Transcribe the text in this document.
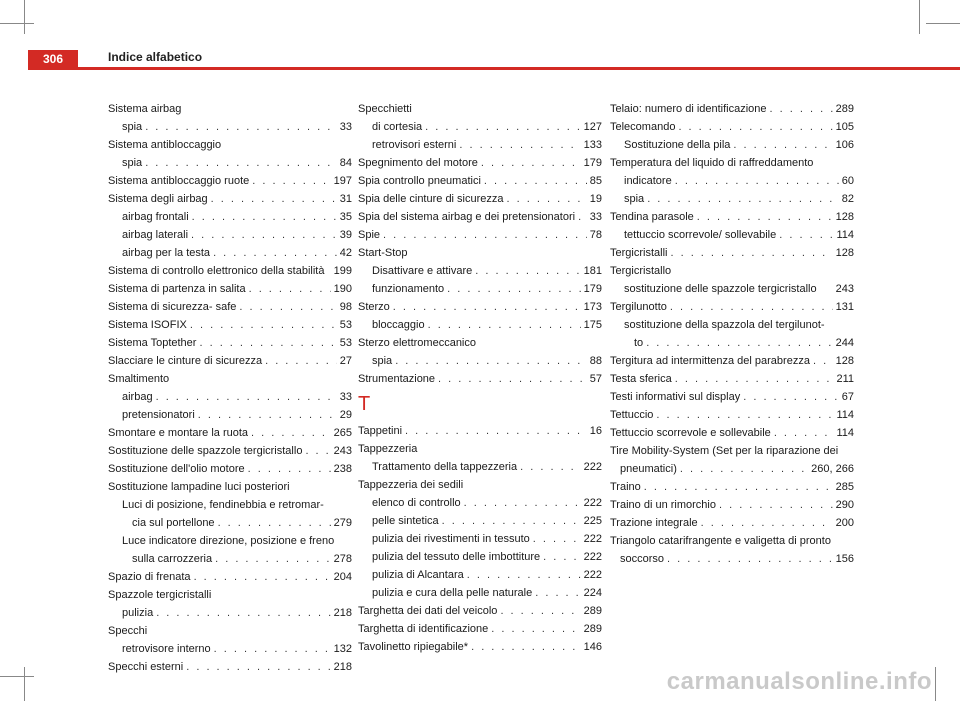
306	Indice alfabetico
Sistema airbag
spia . . .	33
Sistema antibloccaggio
spia . . .	84
Sistema antibloccaggio ruote . . .	197
Sistema degli airbag . . .	31
airbag frontali . . .	35
airbag laterali . . .	39
airbag per la testa . . .	42
Sistema di controllo elettronico della stabilità 199
Sistema di partenza in salita . . .	190
Sistema di sicurezza- safe . . .	98
Sistema ISOFIX . . .	53
Sistema Toptether . . .	53
Slacciare le cinture di sicurezza . . .	27
Smaltimento
airbag . . .	33
pretensionatori . . .	29
Smontare e montare la ruota . . .	265
Sostituzione delle spazzole tergicristallo . . .	243
Sostituzione dell'olio motore . . .	238
Sostituzione lampadine luci posteriori
Luci di posizione, fendinebbia e retromar-
cia sul portellone . . .	279
Luce indicatore direzione, posizione e freno
sulla carrozzeria . . .	278
Spazio di frenata . . .	204
Spazzole tergicristalli
pulizia . . .	218
Specchi
retrovisore interno . . .	132
Specchi esterni . . .	218
Specchietti
di cortesia . . .	127
retrovisori esterni . . .	133
Spegnimento del motore . . .	179
Spia controllo pneumatici . . .	85
Spia delle cinture di sicurezza . . .	19
Spia del sistema airbag e dei pretensionatori . . . 33
Spie . . .	78
Start-Stop
Disattivare e attivare . . .	181
funzionamento . . .	179
Sterzo . . .	173
bloccaggio . . .	175
Sterzo elettromeccanico
spia . . .	88
Strumentazione . . .	57
T
Tappetini . . .	16
Tappezzeria
Trattamento della tappezzeria . . .	222
Tappezzeria dei sedili
elenco di controllo . . .	222
pelle sintetica . . .	225
pulizia dei rivestimenti in tessuto . . .	222
pulizia del tessuto delle imbottiture . . .	222
pulizia di Alcantara . . .	222
pulizia e cura della pelle naturale . . .	224
Targhetta dei dati del veicolo . . .	289
Targhetta di identificazione . . .	289
Tavolinetto ripiegabile* . . .	146
Telaio: numero di identificazione . . .	289
Telecomando . . .	105
Sostituzione della pila . . .	106
Temperatura del liquido di raffreddamento
indicatore . . .	60
spia . . .	82
Tendina parasole . . .	128
tettuccio scorrevole/ sollevabile . . .	114
Tergicristalli . . .	128
Tergicristallo
sostituzione delle spazzole tergicristallo 243
Tergilunotto . . .	131
sostituzione della spazzola del tergilunot-
to . . .	244
Tergitura ad intermittenza del parabrezza . . . 128
Testa sferica . . .	211
Testi informativi sul display . . .	67
Tettuccio . . .	114
Tettuccio scorrevole e sollevabile . . .	114
Tire Mobility-System (Set per la riparazione dei
pneumatici) . . .	260, 266
Traino . . .	285
Traino di un rimorchio . . .	290
Trazione integrale . . .	200
Triangolo catarifrangente e valigetta di pronto
soccorso . . .	156
carmanualsonline.info
